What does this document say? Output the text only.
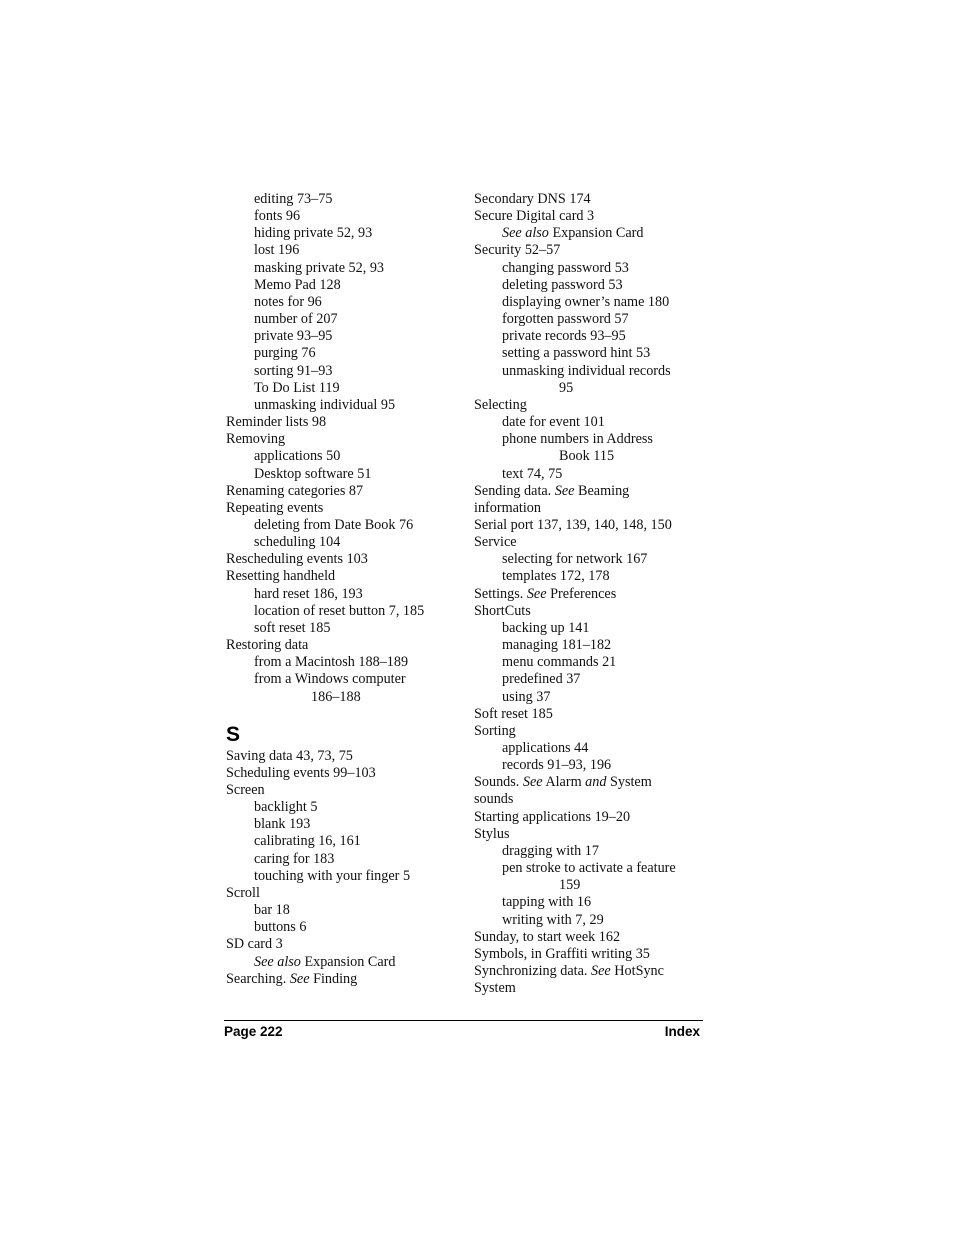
editing 73–75
fonts 96
hiding private 52, 93
lost 196
masking private 52, 93
Memo Pad 128
notes for 96
number of 207
private 93–95
purging 76
sorting 91–93
To Do List 119
unmasking individual 95
Reminder lists 98
Removing
applications 50
Desktop software 51
Renaming categories 87
Repeating events
deleting from Date Book 76
scheduling 104
Rescheduling events 103
Resetting handheld
hard reset 186, 193
location of reset button 7, 185
soft reset 185
Restoring data
from a Macintosh 188–189
from a Windows computer
186–188
S
Saving data 43, 73, 75
Scheduling events 99–103
Screen
backlight 5
blank 193
calibrating 16, 161
caring for 183
touching with your finger 5
Scroll
bar 18
buttons 6
SD card 3
See also Expansion Card
Searching. See Finding
Secondary DNS 174
Secure Digital card 3
See also Expansion Card
Security 52–57
changing password 53
deleting password 53
displaying owner’s name 180
forgotten password 57
private records 93–95
setting a password hint 53
unmasking individual records
95
Selecting
date for event 101
phone numbers in Address
Book 115
text 74, 75
Sending data. See Beaming
information
Serial port 137, 139, 140, 148, 150
Service
selecting for network 167
templates 172, 178
Settings. See Preferences
ShortCuts
backing up 141
managing 181–182
menu commands 21
predefined 37
using 37
Soft reset 185
Sorting
applications 44
records 91–93, 196
Sounds. See Alarm and System
sounds
Starting applications 19–20
Stylus
dragging with 17
pen stroke to activate a feature
159
tapping with 16
writing with 7, 29
Sunday, to start week 162
Symbols, in Graffiti writing 35
Synchronizing data. See HotSync
System
Page 222	Index
